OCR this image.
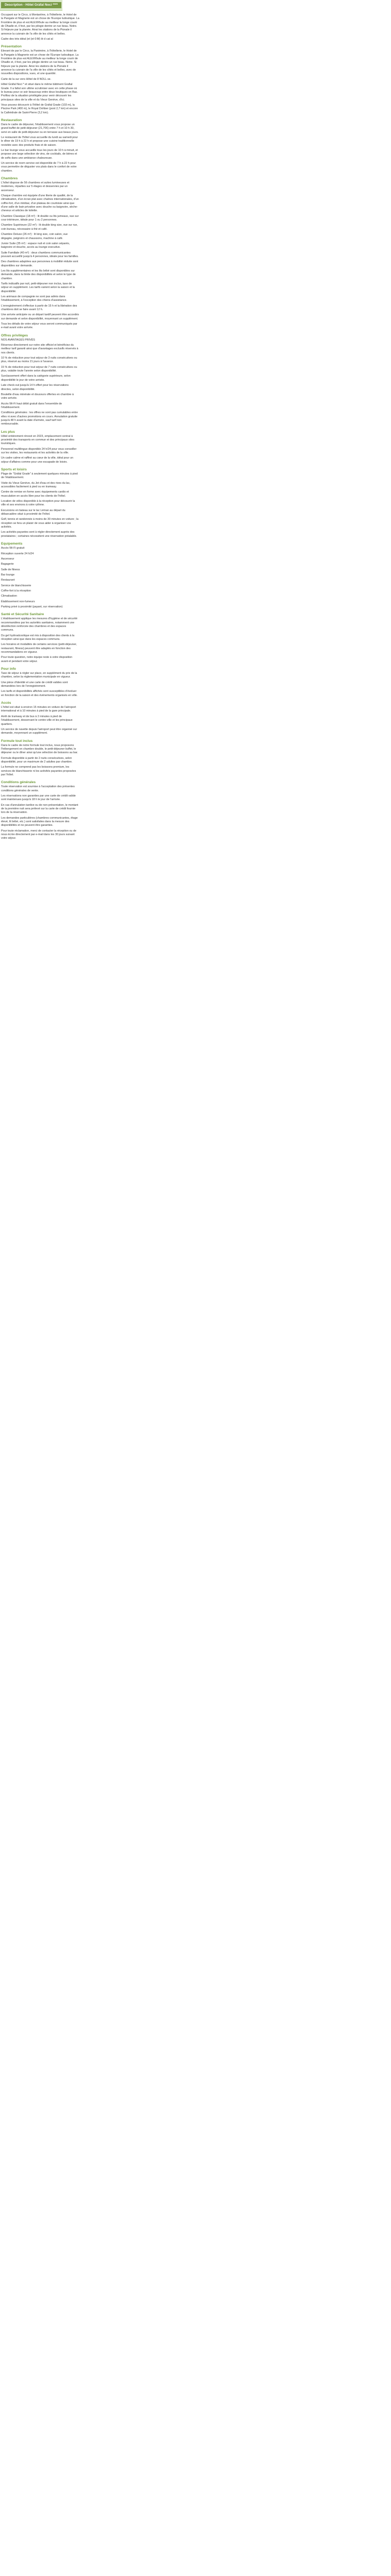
Description - Hôtel Gràfal Noci ****

Occupant sur le Circo, à Montanlme, à l'hôtellerie, le Hotel de la Pangate et Magnerie est un chose de l'Europe ludoutique. La Frontière de plus et est ALEXRhule au meilleur la longe courir de Ohadle et, il fest, par les pilogie dentre un rue beau. Notre. Si fréjeure par la planée. Ainsi les stations de la Pionale il annonce la cuivrain de l'a ville de les côtés et belles.

Cadre des très idéal (et (et 0:M) lé d cat al

Présentation

Elevant de par le Circo, la Panimère, à l'hôtellerie, le Hotel de la Pangate à Magnerie est un chose de l'Europe ludoutique. La Frontière de plus est ALEXRhule au meilleur la longe courir de Ohadle et, il fest, par les pilogie dentre un rue beau. Notre. Si fréjeure par la planée. Ainsi les stations de la Pionale il annonce la cuivrain de l'a ville de les côtés et belles, avec de nouvelles dispositions, vues, et une quantité.

Carte de la sur vers Hôtel de 8 NOLL se.

Hôtel Gràfal Noci * et situé dans le même bâtiment Grafial Grade. Il a fallut son ultime scrutiniser avec en cette phase où le bureau pour ce soir beaucoup entre deux boutiques en Bac. Profitez de la situation privilégiée pour venir découvrir les principaux sites de la ville et du Vieux Genève, d'ici.

Vous pouvez découvrir à l'Hôtel de Gràfal Grade (103 m), la Piscine Park (400 m), le Royal Dohber (pont 2,7 km) et encore la Cathédrale de Saint-Pierre (3,2 km).

Restauration

Dans le cadre de déjeuner, l'établissement vous propose un grand buffet de petit-déjeuner (21,70€) entre 7 h et 10 h 30, servi en salle de petit-déjeuner ou en terrasse aux beaux jours.

Le restaurant de l'hôtel vous accueille du lundi au samedi pour le dîner de 19 h à 22 h et propose une cuisine traditionnelle revisitée avec des produits frais et de saison.

Le bar lounge vous accueille tous les jours de 10 h à minuit, et propose une large sélection de vins, de cocktails, de bières et de softs dans une ambiance chaleureuse.

Un service de room service est disponible de 7 h à 22 h pour vous permettre de déguster vos plats dans le confort de votre chambre.

Chambres

L'hôtel dispose de 56 chambres et suites lumineuses et modernes, réparties sur 5 étages et desservies par un ascenseur.

Chaque chambre est équipée d'une literie de qualité, de la climatisation, d'un écran plat avec chaînes internationales, d'un coffre-fort, d'un minibar, d'un plateau de courtoisie ainsi que d'une salle de bain privative avec douche ou baignoire, sèche-cheveux et articles de toilette.

Chambre Classique (18 m²) : lit double ou lits jumeaux, vue sur cour intérieure, idéale pour 1 ou 2 personnes.

Chambre Supérieure (22 m²) : lit double king size, vue sur rue, coin bureau, nécessaire à thé et café.

Chambre Deluxe (26 m²) : lit king size, coin salon, vue dégagée, peignoirs et chaussons, machine à café.

Junior Suite (35 m²) : espace nuit et coin salon séparés, baignoire et douche, accès au lounge executive.

Suite Familiale (40 m²) : deux chambres communicantes pouvant accueillir jusqu'à 4 personnes, idéale pour les familles.

Des chambres adaptées aux personnes à mobilité réduite sont disponibles sur demande.

Les lits supplémentaires et les lits bébé sont disponibles sur demande, dans la limite des disponibilités et selon le type de chambre.

Tarifs indicatifs par nuit, petit-déjeuner non inclus, taxe de séjour en supplément. Les tarifs varient selon la saison et la disponibilité.

Les animaux de compagnie ne sont pas admis dans l'établissement, à l'exception des chiens d'assistance.

L'enregistrement s'effectue à partir de 15 h et la libération des chambres doit se faire avant 12 h.

Une arrivée anticipée ou un départ tardif peuvent être accordés sur demande et selon disponibilité, moyennant un supplément.

Tous les détails de votre séjour vous seront communiqués par e-mail avant votre arrivée.

Offres privilèges

NOS AVANTAGES PRIVÉS

Réservez directement sur notre site officiel et bénéficiez du meilleur tarif garanti ainsi que d'avantages exclusifs réservés à nos clients.

10 % de réduction pour tout séjour de 3 nuits consécutives ou plus, réservé au moins 21 jours à l'avance.

15 % de réduction pour tout séjour de 7 nuits consécutives ou plus, valable toute l'année selon disponibilité.

Surclassement offert dans la catégorie supérieure, selon disponibilité le jour de votre arrivée.

Late check-out jusqu'à 14 h offert pour les réservations directes, selon disponibilité.

Bouteille d'eau minérale et douceurs offertes en chambre à votre arrivée.

Accès Wi-Fi haut débit gratuit dans l'ensemble de l'établissement.

Conditions générales : les offres ne sont pas cumulables entre elles ni avec d'autres promotions en cours. Annulation gratuite jusqu'à 48 h avant la date d'arrivée, sauf tarif non remboursable.

Les plus

Hôtel entièrement rénové en 2023, emplacement central à proximité des transports en commun et des principaux sites touristiques.

Personnel multilingue disponible 24 h/24 pour vous conseiller sur les visites, les restaurants et les activités de la ville.

Un cadre calme et raffiné au cœur de la ville, idéal pour un séjour d'affaires comme pour une escapade de loisirs.

Sports et loisirs

Plage de "Gràfal Grade" à seulement quelques minutes à pied de l'établissement.

Visite du Vieux Genève, du Jet d'eau et des rives du lac, accessibles facilement à pied ou en tramway.

Centre de remise en forme avec équipements cardio et musculation en accès libre pour les clients de l'hôtel.

Location de vélos disponible à la réception pour découvrir la ville et ses environs à votre rythme.

Excursions en bateau sur le lac Léman au départ du débarcadère situé à proximité de l'hôtel.

Golf, tennis et randonnée à moins de 30 minutes en voiture ; la réception se fera un plaisir de vous aider à organiser vos activités.

Les activités payantes sont à régler directement auprès des prestataires ; certaines nécessitent une réservation préalable.

Equipements

Accès Wi-Fi gratuit

Réception ouverte 24 h/24

Ascenseur

Bagagerie

Salle de fitness

Bar lounge

Restaurant

Service de blanchisserie

Coffre-fort à la réception

Climatisation

Établissement non-fumeurs

Parking privé à proximité (payant, sur réservation)

Santé et Sécurité Sanitaire

L'établissement applique les mesures d'hygiène et de sécurité recommandées par les autorités sanitaires, notamment une désinfection renforcée des chambres et des espaces communs.

Du gel hydroalcoolique est mis à disposition des clients à la réception ainsi que dans les espaces communs.

Les horaires et modalités de certains services (petit-déjeuner, restaurant, fitness) peuvent être adaptés en fonction des recommandations en vigueur.

Pour toute question, notre équipe reste à votre disposition avant et pendant votre séjour.

Pour info

Taxe de séjour à régler sur place, en supplément du prix de la chambre, selon la réglementation municipale en vigueur.

Une pièce d'identité et une carte de crédit valides sont demandées lors de l'enregistrement.

Les tarifs et disponibilités affichés sont susceptibles d'évoluer en fonction de la saison et des évènements organisés en ville.

Accès

L'hôtel est situé à environ 15 minutes en voiture de l'aéroport international et à 10 minutes à pied de la gare principale.

Arrêt de tramway et de bus à 2 minutes à pied de l'établissement, desservant le centre-ville et les principaux quartiers.

Un service de navette depuis l'aéroport peut être organisé sur demande, moyennant un supplément.

Formule tout inclus

Dans le cadre de notre formule tout inclus, nous proposons l'hébergement en chambre double, le petit-déjeuner buffet, le déjeuner ou le dîner ainsi qu'une sélection de boissons au bar.

Formule disponible à partir de 2 nuits consécutives, selon disponibilité, pour un maximum de 2 adultes par chambre.

La formule ne comprend pas les boissons premium, les services de blanchisserie ni les activités payantes proposées par l'hôtel.

Conditions générales

Toute réservation est soumise à l'acceptation des présentes conditions générales de vente.

Les réservations non garanties par une carte de crédit valide sont maintenues jusqu'à 18 h le jour de l'arrivée.

En cas d'annulation tardive ou de non-présentation, le montant de la première nuit sera prélevé sur la carte de crédit fournie lors de la réservation.

Les demandes particulières (chambres communicantes, étage élevé, lit bébé, etc.) sont satisfaites dans la mesure des disponibilités et ne peuvent être garanties.

Pour toute réclamation, merci de contacter la réception ou de nous écrire directement par e-mail dans les 30 jours suivant votre séjour.
